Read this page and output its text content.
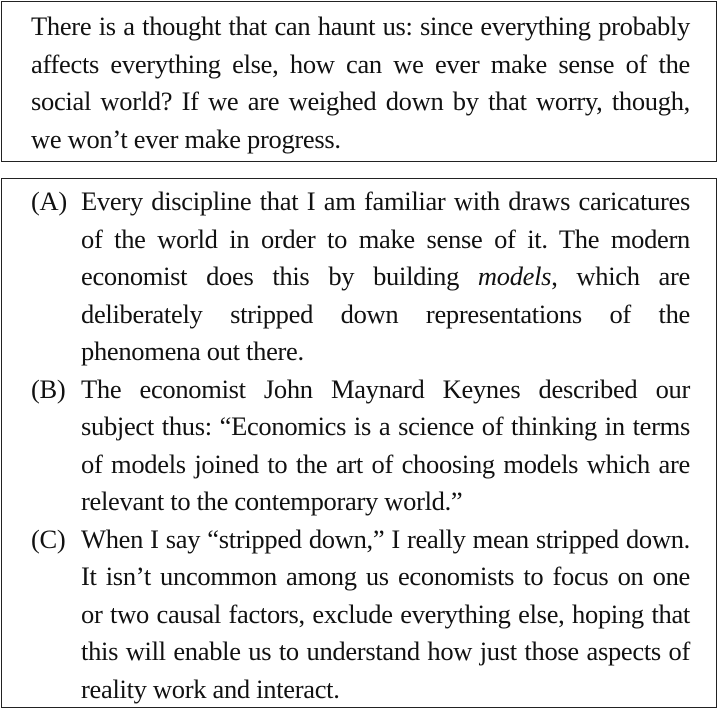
There is a thought that can haunt us: since everything probably affects everything else, how can we ever make sense of the social world? If we are weighed down by that worry, though, we won’t ever make progress.

(A) Every discipline that I am familiar with draws caricatures of the world in order to make sense of it. The modern economist does this by building models, which are deliberately stripped down representations of the phenomena out there.
(B) The economist John Maynard Keynes described our subject thus: “Economics is a science of thinking in terms of models joined to the art of choosing models which are relevant to the contemporary world.”
(C) When I say “stripped down,” I really mean stripped down. It isn’t uncommon among us economists to focus on one or two causal factors, exclude everything else, hoping that this will enable us to understand how just those aspects of reality work and interact.
